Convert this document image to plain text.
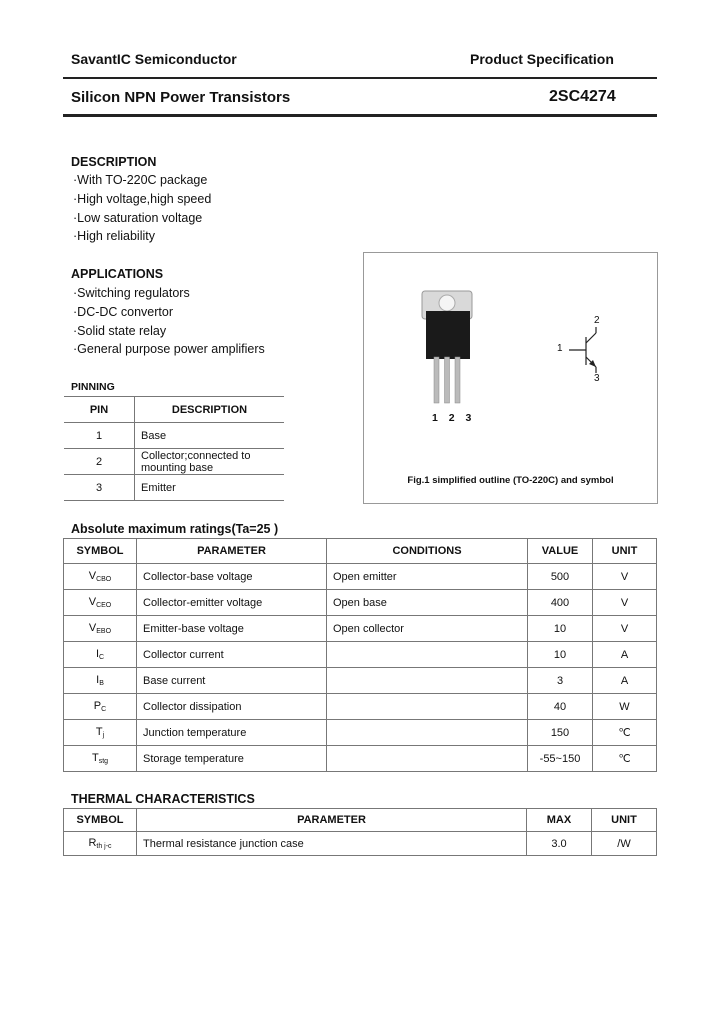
SavantIC Semiconductor	Product Specification
Silicon NPN Power Transistors	2SC4274
DESCRIPTION
·With TO-220C package
·High voltage,high speed
·Low saturation voltage
·High reliability
APPLICATIONS
·Switching regulators
·DC-DC convertor
·Solid state relay
·General purpose power amplifiers
PINNING
PIN	DESCRIPTION
1	Base
2	Collector;connected to mounting base
3	Emitter
1 2 3
1
2
3
Fig.1 simplified outline (TO-220C) and symbol
Absolute maximum ratings(Ta=25 )
SYMBOL	PARAMETER	CONDITIONS	VALUE	UNIT
$V_{CBO}$	Collector-base voltage	Open emitter	500	V
$V_{CEO}$	Collector-emitter voltage	Open base	400	V
$V_{EBO}$	Emitter-base voltage	Open collector	10	V
$I_C$	Collector current		10	A
$I_B$	Base current		3	A
$P_C$	Collector dissipation		40	W
$T_j$	Junction temperature		150	℃
$T_{stg}$	Storage temperature		-55~150	℃
THERMAL CHARACTERISTICS
SYMBOL	PARAMETER	MAX	UNIT
$R_{th j-c}$	Thermal resistance junction case	3.0	/W
